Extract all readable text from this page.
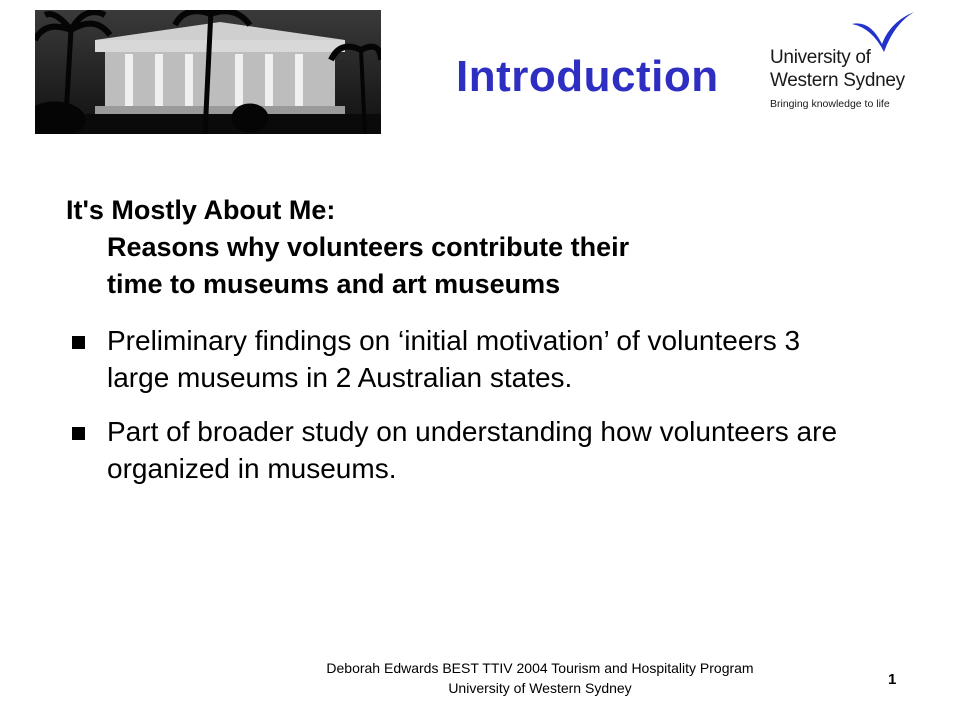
Introduction	University of
Western Sydney
Bringing knowledge to life
It's Mostly About Me:
Reasons why volunteers contribute their
time to museums and art museums
Preliminary findings on ‘initial motivation’ of volunteers 3 large museums in 2 Australian states.
Part of broader study on understanding how volunteers are organized in museums.
Deborah Edwards BEST TTIV 2004 Tourism and Hospitality Program
University of Western Sydney	1
